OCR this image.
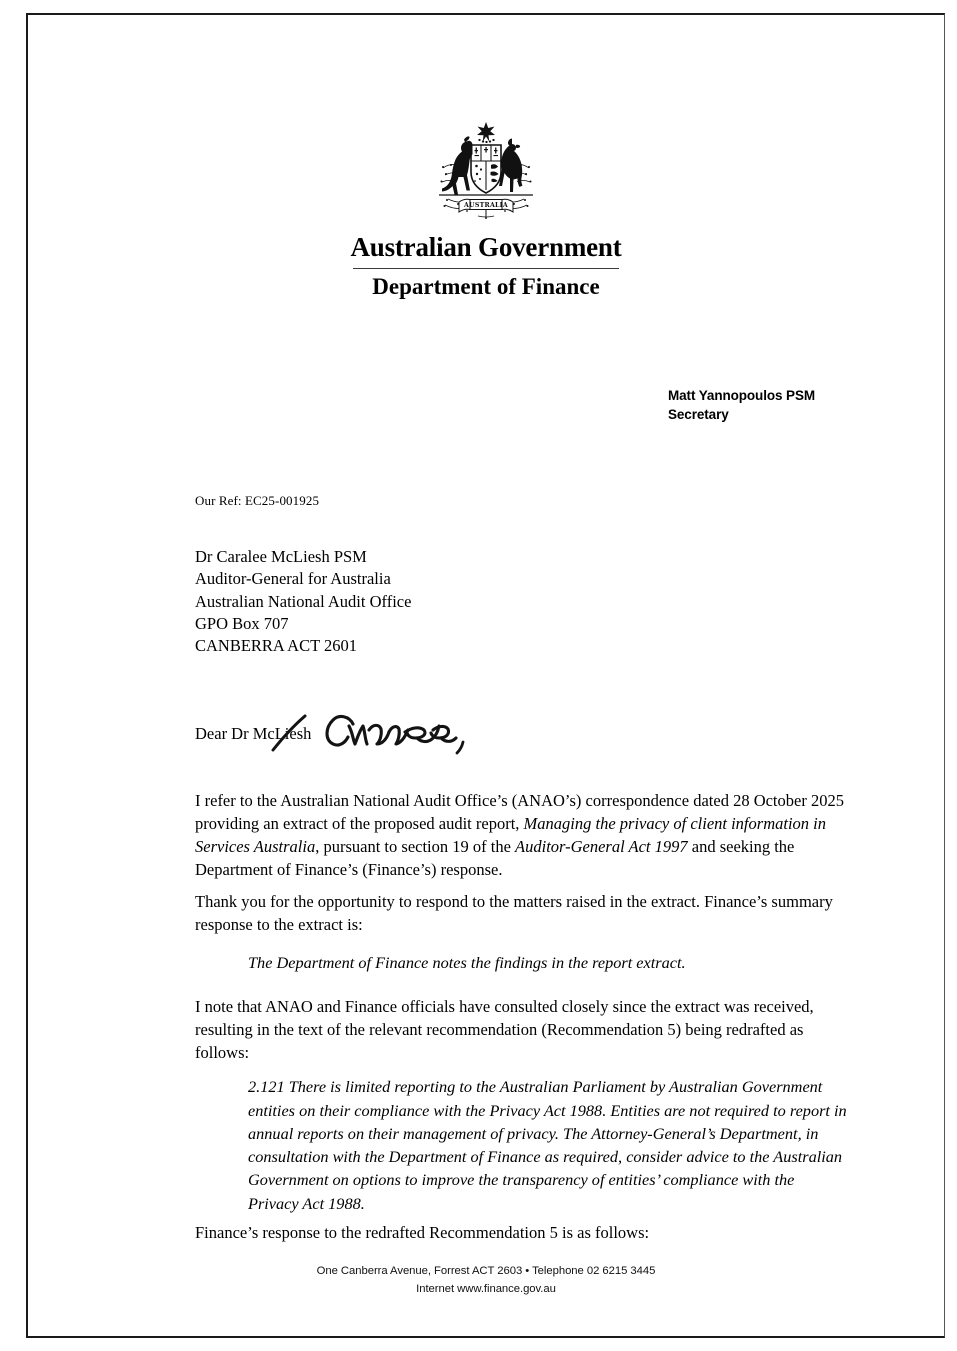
AUSTRALIA
Australian Government
Department of Finance
Matt Yannopoulos PSM
Secretary
Our Ref: EC25-001925
Dr Caralee McLiesh PSM
Auditor-General for Australia
Australian National Audit Office
GPO Box 707
CANBERRA ACT 2601
Dear Dr McLiesh

I refer to the Australian National Audit Office’s (ANAO’s) correspondence dated 28 October 2025 providing an extract of the proposed audit report, Managing the privacy of client information in Services Australia, pursuant to section 19 of the Auditor-General Act 1997 and seeking the Department of Finance’s (Finance’s) response.

Thank you for the opportunity to respond to the matters raised in the extract. Finance’s summary response to the extract is:

The Department of Finance notes the findings in the report extract.

I note that ANAO and Finance officials have consulted closely since the extract was received, resulting in the text of the relevant recommendation (Recommendation 5) being redrafted as follows:

2.121 There is limited reporting to the Australian Parliament by Australian Government entities on their compliance with the Privacy Act 1988. Entities are not required to report in annual reports on their management of privacy. The Attorney-General’s Department, in consultation with the Department of Finance as required, consider advice to the Australian Government on options to improve the transparency of entities’ compliance with the Privacy Act 1988.

Finance’s response to the redrafted Recommendation 5 is as follows:

One Canberra Avenue, Forrest ACT 2603 • Telephone 02 6215 3445
Internet www.finance.gov.au
